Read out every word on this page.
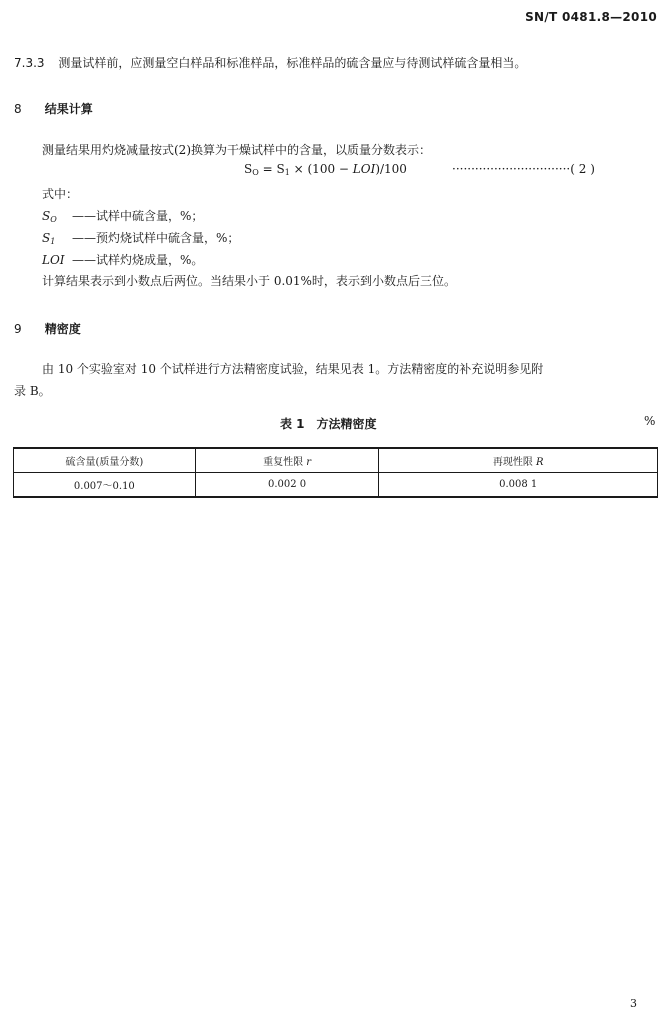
SN/T 0481.8—2010
7.3.3 测量试样前，应测量空白样品和标准样品，标准样品的硫含量应与待测试样硫含量相当。
8 结果计算
测量结果用灼烧减量按式(2)换算为干燥试样中的含量，以质量分数表示：
$S_O = S_1 \times (100 - LOI)/100$	·······························( 2 )
式中：
$S_O$ ——试样中硫含量，%；
$S_1$ ——预灼烧试样中硫含量，%；
LOI ——试样灼烧成量，%。
计算结果表示到小数点后两位。当结果小于 0.01%时，表示到小数点后三位。
9 精密度
由 10 个实验室对 10 个试样进行方法精密度试验，结果见表 1。方法精密度的补充说明参见附
录 B。
表 1　方法精密度	%
硫含量(质量分数)	重复性限 r	再现性限 R
0.007～0.10	0.002 0	0.008 1
3
